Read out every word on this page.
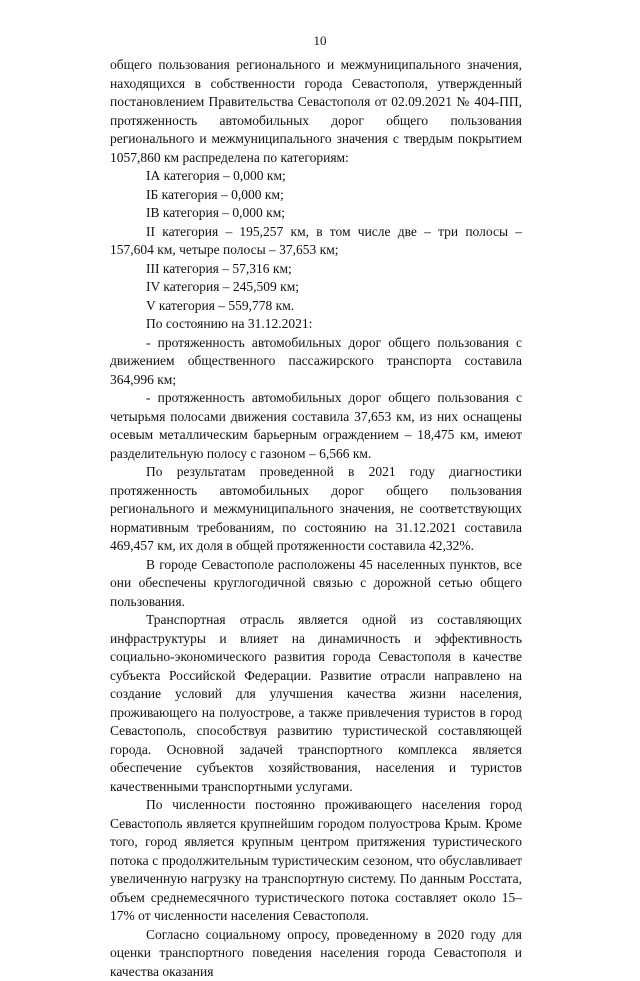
10

общего пользования регионального и межмуниципального значения, находящихся в собственности города Севастополя, утвержденный постановлением Правительства Севастополя от 02.09.2021 № 404-ПП, протяженность автомобильных дорог общего пользования регионального и межмуниципального значения с твердым покрытием 1057,860 км распределена по категориям:

IА категория – 0,000 км;

IБ категория – 0,000 км;

IВ категория – 0,000 км;

II категория – 195,257 км, в том числе две – три полосы – 157,604 км, четыре полосы – 37,653 км;

III категория – 57,316 км;

IV категория – 245,509 км;

V категория – 559,778 км.

По состоянию на 31.12.2021:

- протяженность автомобильных дорог общего пользования с движением общественного пассажирского транспорта составила 364,996 км;

- протяженность автомобильных дорог общего пользования с четырьмя полосами движения составила 37,653 км, из них оснащены осевым металлическим барьерным ограждением – 18,475 км, имеют разделительную полосу с газоном – 6,566 км.

По результатам проведенной в 2021 году диагностики протяженность автомобильных дорог общего пользования регионального и межмуниципального значения, не соответствующих нормативным требованиям, по состоянию на 31.12.2021 составила 469,457 км, их доля в общей протяженности составила 42,32%.

В городе Севастополе расположены 45 населенных пунктов, все они обеспечены круглогодичной связью с дорожной сетью общего пользования.

Транспортная отрасль является одной из составляющих инфраструктуры и влияет на динамичность и эффективность социально-экономического развития города Севастополя в качестве субъекта Российской Федерации. Развитие отрасли направлено на создание условий для улучшения качества жизни населения, проживающего на полуострове, а также привлечения туристов в город Севастополь, способствуя развитию туристической составляющей города. Основной задачей транспортного комплекса является обеспечение субъектов хозяйствования, населения и туристов качественными транспортными услугами.

По численности постоянно проживающего населения город Севастополь является крупнейшим городом полуострова Крым. Кроме того, город является крупным центром притяжения туристического потока с продолжительным туристическим сезоном, что обуславливает увеличенную нагрузку на транспортную систему. По данным Росстата, объем среднемесячного туристического потока составляет около 15–17% от численности населения Севастополя.

Согласно социальному опросу, проведенному в 2020 году для оценки транспортного поведения населения города Севастополя и качества оказания
